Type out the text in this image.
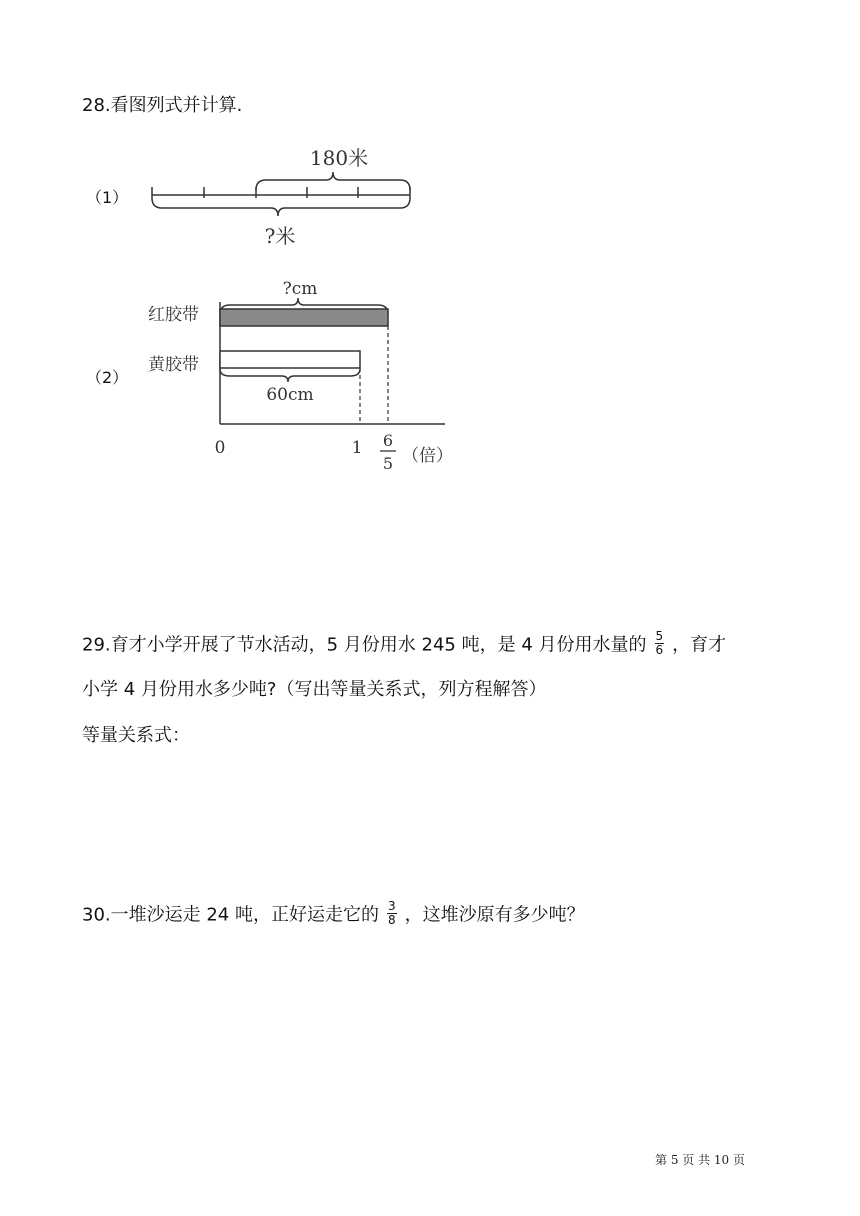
28.看图列式并计算.
（1）
180米
?米
（2）
?cm
红胶带
黄胶带
60cm
0	1 6
5 （倍）
29.育才小学开展了节水活动，5 月份用水 245 吨，是 4 月份用水量的 $\frac{5}{6}$ ，育才
小学 4 月份用水多少吨?（写出等量关系式，列方程解答）
等量关系式：
30.一堆沙运走 24 吨，正好运走它的 $\frac{3}{8}$ ，这堆沙原有多少吨？
第 5 页 共 10 页
